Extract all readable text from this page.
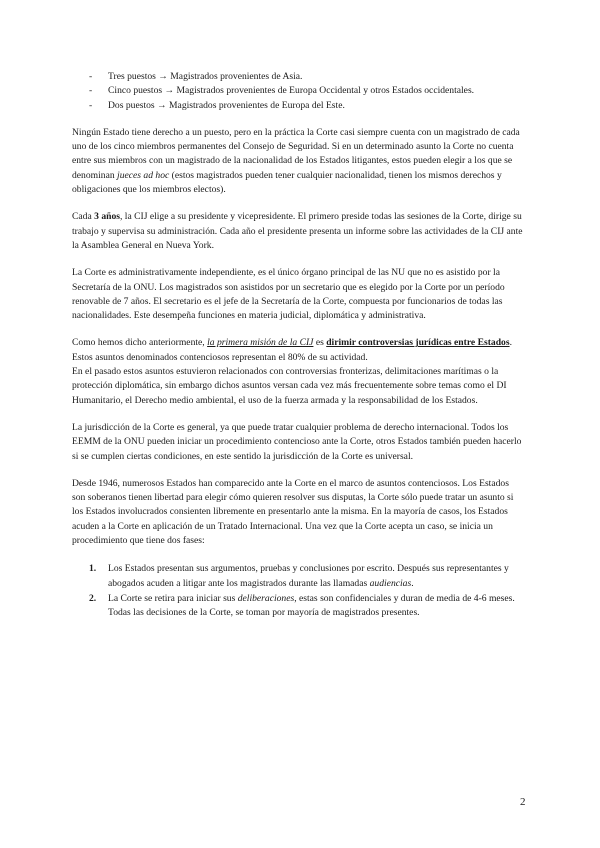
- Tres puestos → Magistrados provenientes de Asia.
- Cinco puestos → Magistrados provenientes de Europa Occidental y otros Estados occidentales.
- Dos puestos → Magistrados provenientes de Europa del Este.

Ningún Estado tiene derecho a un puesto, pero en la práctica la Corte casi siempre cuenta con un magistrado de cada uno de los cinco miembros permanentes del Consejo de Seguridad. Si en un determinado asunto la Corte no cuenta entre sus miembros con un magistrado de la nacionalidad de los Estados litigantes, estos pueden elegir a los que se denominan jueces ad hoc (estos magistrados pueden tener cualquier nacionalidad, tienen los mismos derechos y obligaciones que los miembros electos).

Cada 3 años, la CIJ elige a su presidente y vicepresidente. El primero preside todas las sesiones de la Corte, dirige su trabajo y supervisa su administración. Cada año el presidente presenta un informe sobre las actividades de la CIJ ante la Asamblea General en Nueva York.

La Corte es administrativamente independiente, es el único órgano principal de las NU que no es asistido por la Secretaría de la ONU. Los magistrados son asistidos por un secretario que es elegido por la Corte por un período renovable de 7 años. El secretario es el jefe de la Secretaría de la Corte, compuesta por funcionarios de todas las nacionalidades. Este desempeña funciones en materia judicial, diplomática y administrativa.

Como hemos dicho anteriormente, la primera misión de la CIJ es dirimir controversias jurídicas entre Estados. Estos asuntos denominados contenciosos representan el 80% de su actividad.

En el pasado estos asuntos estuvieron relacionados con controversias fronterizas, delimitaciones marítimas o la protección diplomática, sin embargo dichos asuntos versan cada vez más frecuentemente sobre temas como el DI Humanitario, el Derecho medio ambiental, el uso de la fuerza armada y la responsabilidad de los Estados.

La jurisdicción de la Corte es general, ya que puede tratar cualquier problema de derecho internacional. Todos los EEMM de la ONU pueden iniciar un procedimiento contencioso ante la Corte, otros Estados también pueden hacerlo si se cumplen ciertas condiciones, en este sentido la jurisdicción de la Corte es universal.

Desde 1946, numerosos Estados han comparecido ante la Corte en el marco de asuntos contenciosos. Los Estados son soberanos tienen libertad para elegir cómo quieren resolver sus disputas, la Corte sólo puede tratar un asunto si los Estados involucrados consienten libremente en presentarlo ante la misma. En la mayoría de casos, los Estados acuden a la Corte en aplicación de un Tratado Internacional. Una vez que la Corte acepta un caso, se inicia un procedimiento que tiene dos fases:

1. Los Estados presentan sus argumentos, pruebas y conclusiones por escrito. Después sus representantes y abogados acuden a litigar ante los magistrados durante las llamadas audiencias.
2. La Corte se retira para iniciar sus deliberaciones, estas son confidenciales y duran de media de 4-6 meses. Todas las decisiones de la Corte, se toman por mayoría de magistrados presentes.
2
